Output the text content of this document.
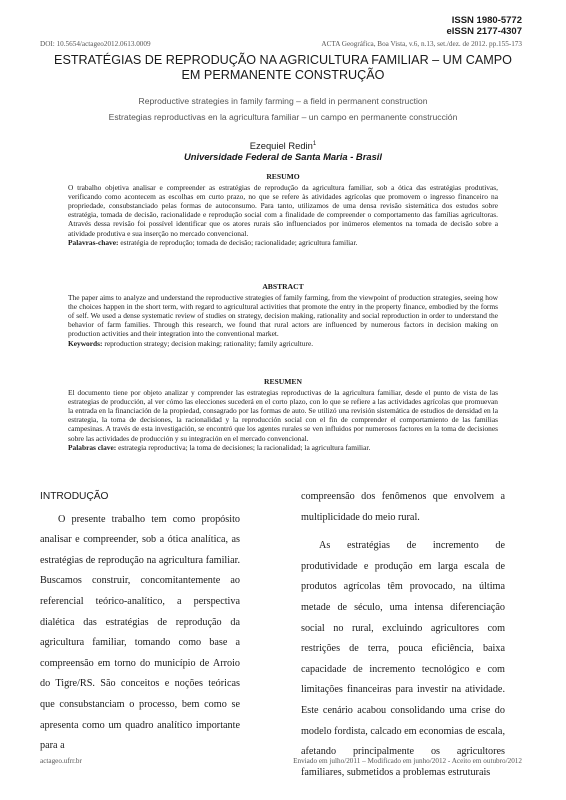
ISSN 1980-5772
eISSN 2177-4307
DOI: 10.5654/actageo2012.0613.0009	ACTA Geográfica, Boa Vista, v.6, n.13, set./dez. de 2012. pp.155-173
ESTRATÉGIAS DE REPRODUÇÃO NA AGRICULTURA FAMILIAR – UM CAMPO
EM PERMANENTE CONSTRUÇÃO
Reproductive strategies in family farming – a field in permanent construction
Estrategias reproductivas en la agricultura familiar – un campo en permanente construcción
Ezequiel Redin$^1$
Universidade Federal de Santa Maria - Brasil
RESUMO

O trabalho objetiva analisar e compreender as estratégias de reprodução da agricultura familiar, sob a ótica das estratégias produtivas, verificando como acontecem as escolhas em curto prazo, no que se refere às atividades agrícolas que promovem o ingresso financeiro na propriedade, consubstanciado pelas formas de autoconsumo. Para tanto, utilizamos de uma densa revisão sistemática dos estudos sobre estratégia, tomada de decisão, racionalidade e reprodução social com a finalidade de compreender o comportamento das famílias agricultoras. Através dessa revisão foi possível identificar que os atores rurais são influenciados por inúmeros elementos na tomada de decisão sobre a atividade produtiva e sua inserção no mercado convencional.

Palavras-chave: estratégia de reprodução; tomada de decisão; racionalidade; agricultura familiar.

ABSTRACT

The paper aims to analyze and understand the reproductive strategies of family farming, from the viewpoint of production strategies, seeing how the choices happen in the short term, with regard to agricultural activities that promote the entry in the property finance, embodied by the forms of self. We used a dense systematic review of studies on strategy, decision making, rationality and social reproduction in order to understand the behavior of farm families. Through this research, we found that rural actors are influenced by numerous factors in decision making on production activities and their integration into the conventional market.

Keywords: reproduction strategy; decision making; rationality; family agriculture.

RESUMEN

El documento tiene por objeto analizar y comprender las estrategias reproductivas de la agricultura familiar, desde el punto de vista de las estrategias de producción, al ver cómo las elecciones sucederá en el corto plazo, con lo que se refiere a las actividades agrícolas que promuevan la entrada en la financiación de la propiedad, consagrado por las formas de auto. Se utilizó una revisión sistemática de estudios de densidad en la estrategia, la toma de decisiones, la racionalidad y la reproducción social con el fin de comprender el comportamiento de las familias campesinas. A través de esta investigación, se encontró que los agentes rurales se ven influidos por numerosos factores en la toma de decisiones sobre las actividades de producción y su integración en el mercado convencional.

Palabras clave: estrategia reproductiva; la toma de decisiones; la racionalidad; la agricultura familiar.

INTRODUÇÃO

O presente trabalho tem como propósito analisar e compreender, sob a ótica analítica, as estratégias de reprodução na agricultura familiar. Buscamos construir, concomitantemente ao referencial teórico-analítico, a perspectiva dialética das estratégias de reprodução da agricultura familiar, tomando como base a compreensão em torno do município de Arroio do Tigre/RS. São conceitos e noções teóricas que consubstanciam o processo, bem como se apresenta como um quadro analítico importante para a

compreensão dos fenômenos que envolvem a multiplicidade do meio rural.

As estratégias de incremento de produtividade e produção em larga escala de produtos agrícolas têm provocado, na última metade de século, uma intensa diferenciação social no rural, excluindo agricultores com restrições de terra, pouca eficiência, baixa capacidade de incremento tecnológico e com limitações financeiras para investir na atividade. Este cenário acabou consolidando uma crise do modelo fordista, calcado em economias de escala, afetando principalmente os agricultores familiares, submetidos a problemas estruturais

actageo.ufrr.br	Enviado em julho/2011 – Modificado em junho/2012 - Aceito em outubro/2012
